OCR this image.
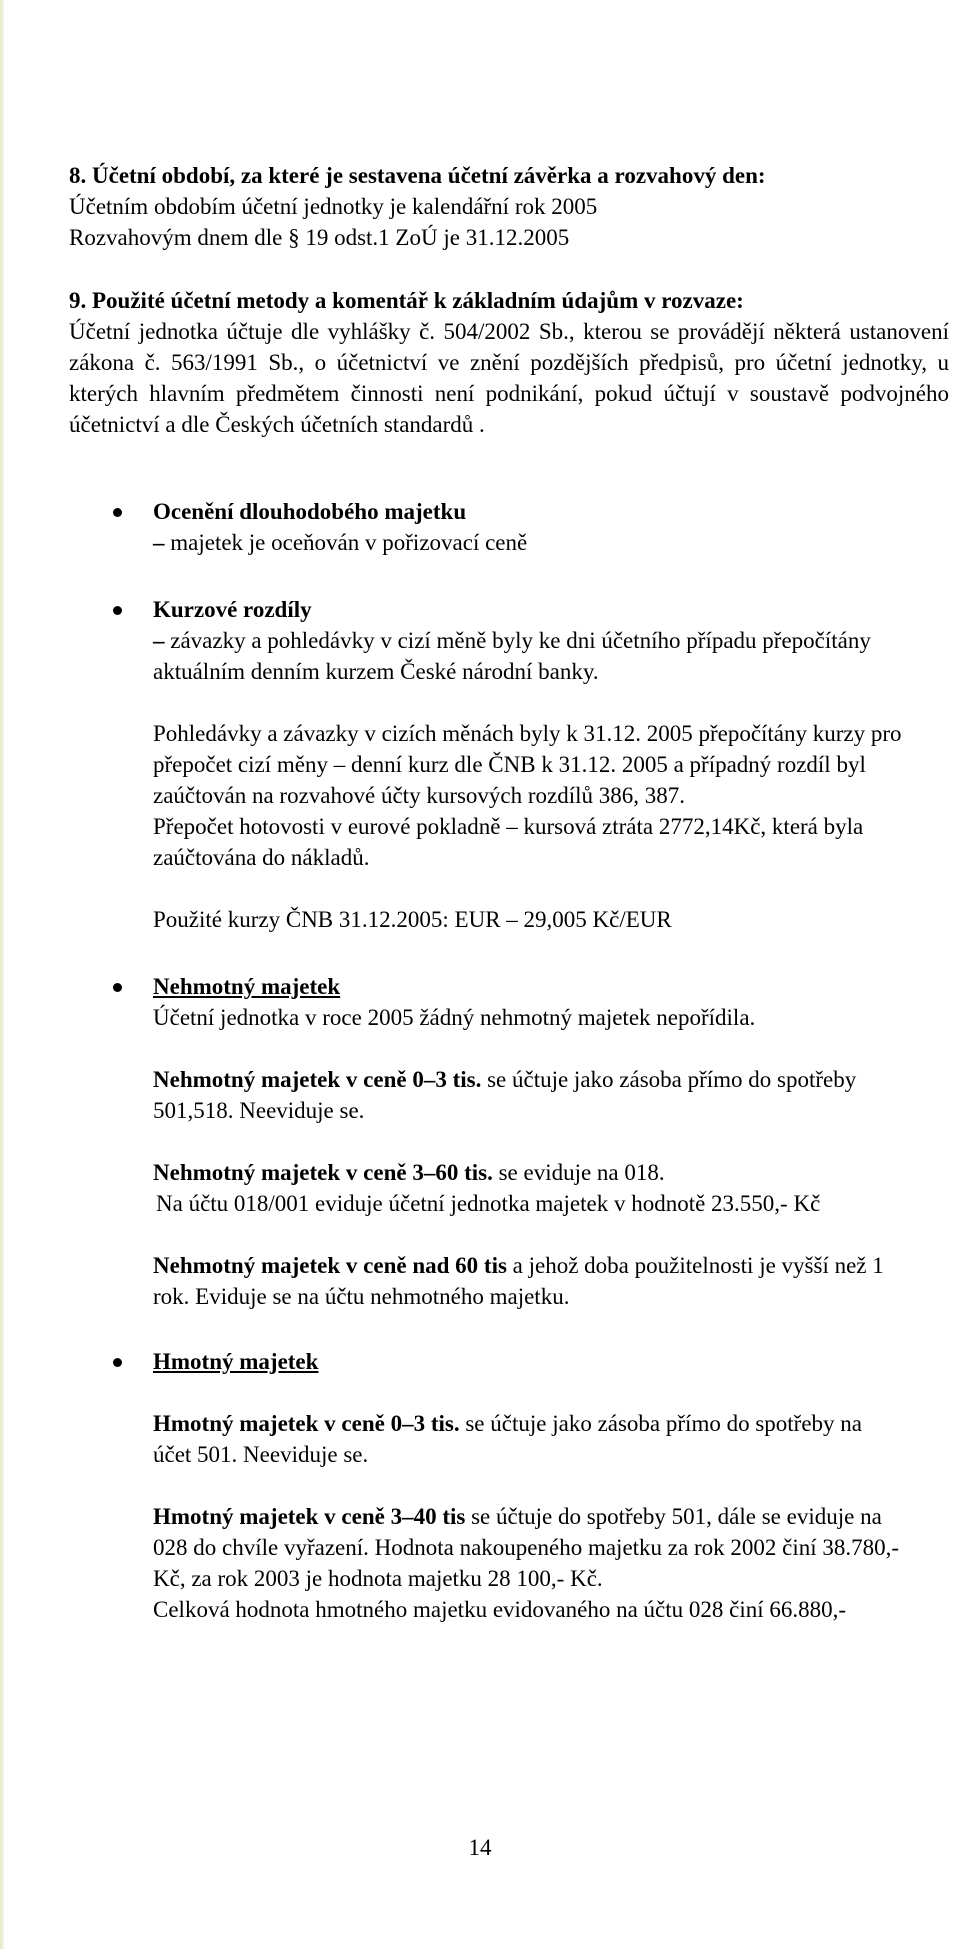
8. Účetní období, za které je sestavena účetní závěrka a rozvahový den:

Účetním obdobím účetní jednotky je kalendářní rok 2005

Rozvahovým dnem dle § 19 odst.1 ZoÚ je 31.12.2005

9. Použité účetní metody a komentář k základním údajům v rozvaze:

Účetní jednotka účtuje dle vyhlášky č. 504/2002 Sb., kterou se provádějí některá ustanovení zákona č. 563/1991 Sb., o účetnictví ve znění pozdějších předpisů, pro účetní jednotky, u kterých hlavním předmětem činnosti není podnikání, pokud účtují v soustavě podvojného účetnictví a dle Českých účetních standardů .

Ocenění dlouhodobého majetku

– majetek je oceňován v pořizovací ceně

Kurzové rozdíly

– závazky a pohledávky v cizí měně byly ke dni účetního případu přepočítány aktuálním denním kurzem České národní banky.

Pohledávky a závazky v cizích měnách byly k 31.12. 2005 přepočítány kurzy pro přepočet cizí měny – denní kurz dle ČNB k 31.12. 2005 a případný rozdíl byl zaúčtován na rozvahové účty kursových rozdílů 386, 387.

Přepočet hotovosti v eurové pokladně – kursová ztráta 2772,14Kč, která byla zaúčtována do nákladů.

Použité kurzy ČNB 31.12.2005: EUR – 29,005 Kč/EUR

Nehmotný majetek

Účetní jednotka v roce 2005 žádný nehmotný majetek nepořídila.

Nehmotný majetek v ceně 0–3 tis. se účtuje jako zásoba přímo do spotřeby 501,518. Neeviduje se.

Nehmotný majetek v ceně 3–60 tis. se eviduje na 018.

Na účtu 018/001 eviduje účetní jednotka majetek v hodnotě 23.550,- Kč

Nehmotný majetek v ceně nad 60 tis a jehož doba použitelnosti je vyšší než 1 rok. Eviduje se na účtu nehmotného majetku.

Hmotný majetek

Hmotný majetek v ceně 0–3 tis. se účtuje jako zásoba přímo do spotřeby na účet 501. Neeviduje se.

Hmotný majetek v ceně 3–40 tis se účtuje do spotřeby 501, dále se eviduje na 028 do chvíle vyřazení. Hodnota nakoupeného majetku za rok 2002 činí 38.780,- Kč, za rok 2003 je hodnota majetku 28 100,- Kč.

Celková hodnota hmotného majetku evidovaného na účtu 028 činí 66.880,-

14
